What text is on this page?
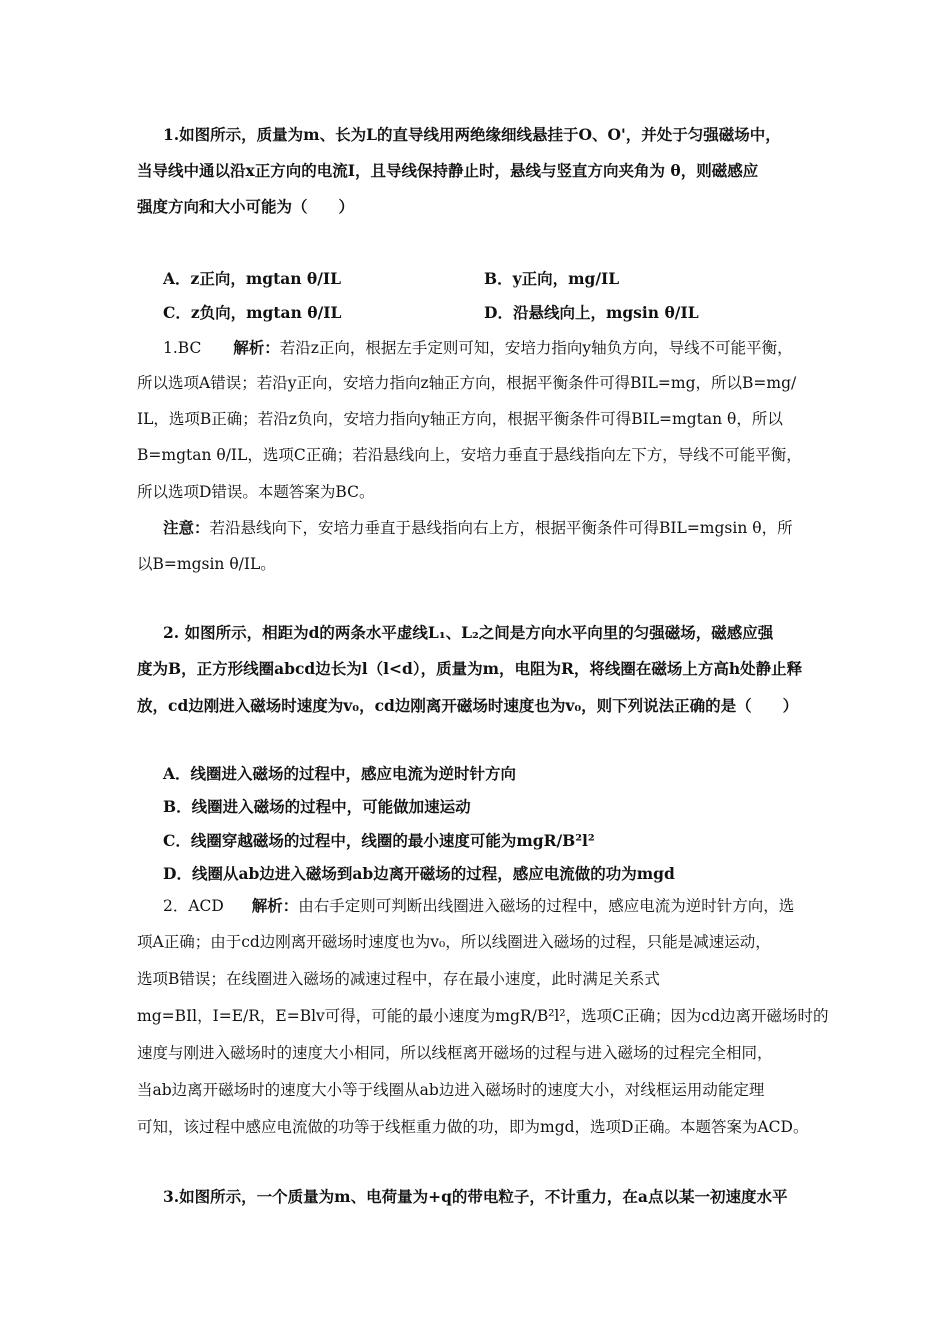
1.如图所示，质量为m、长为L的直导线用两绝缘细线悬挂于O、O'，并处于匀强磁场中，
当导线中通以沿x正方向的电流I，且导线保持静止时，悬线与竖直方向夹角为 θ，则磁感应
强度方向和大小可能为（　　）
A．z正向，mgtan θ/IL	B．y正向，mg/IL
C．z负向，mgtan θ/IL	D．沿悬线向上，mgsin θ/IL
1.BC 解析：若沿z正向，根据左手定则可知，安培力指向y轴负方向，导线不可能平衡，
所以选项A错误；若沿y正向，安培力指向z轴正方向，根据平衡条件可得BIL=mg，所以B=mg/
IL，选项B正确；若沿z负向，安培力指向y轴正方向，根据平衡条件可得BIL=mgtan θ，所以
B=mgtan θ/IL，选项C正确；若沿悬线向上，安培力垂直于悬线指向左下方，导线不可能平衡，
所以选项D错误。本题答案为BC。
注意：若沿悬线向下，安培力垂直于悬线指向右上方，根据平衡条件可得BIL=mgsin θ，所
以B=mgsin θ/IL。
2. 如图所示，相距为d的两条水平虚线L₁、L₂之间是方向水平向里的匀强磁场，磁感应强
度为B，正方形线圈abcd边长为l（l<d），质量为m，电阻为R，将线圈在磁场上方高h处静止释
放，cd边刚进入磁场时速度为v₀，cd边刚离开磁场时速度也为v₀，则下列说法正确的是（　　）
A．线圈进入磁场的过程中，感应电流为逆时针方向
B．线圈进入磁场的过程中，可能做加速运动
C．线圈穿越磁场的过程中，线圈的最小速度可能为mgR/B²l²
D．线圈从ab边进入磁场到ab边离开磁场的过程，感应电流做的功为mgd
2．ACD 解析：由右手定则可判断出线圈进入磁场的过程中，感应电流为逆时针方向，选
项A正确；由于cd边刚离开磁场时速度也为v₀，所以线圈进入磁场的过程，只能是减速运动，
选项B错误；在线圈进入磁场的减速过程中，存在最小速度，此时满足关系式
mg=BIl，I=E/R，E=Blv可得，可能的最小速度为mgR/B²l²，选项C正确；因为cd边离开磁场时的
速度与刚进入磁场时的速度大小相同，所以线框离开磁场的过程与进入磁场的过程完全相同，
当ab边离开磁场时的速度大小等于线圈从ab边进入磁场时的速度大小，对线框运用动能定理
可知，该过程中感应电流做的功等于线框重力做的功，即为mgd，选项D正确。本题答案为ACD。
3.如图所示，一个质量为m、电荷量为+q的带电粒子，不计重力，在a点以某一初速度水平
